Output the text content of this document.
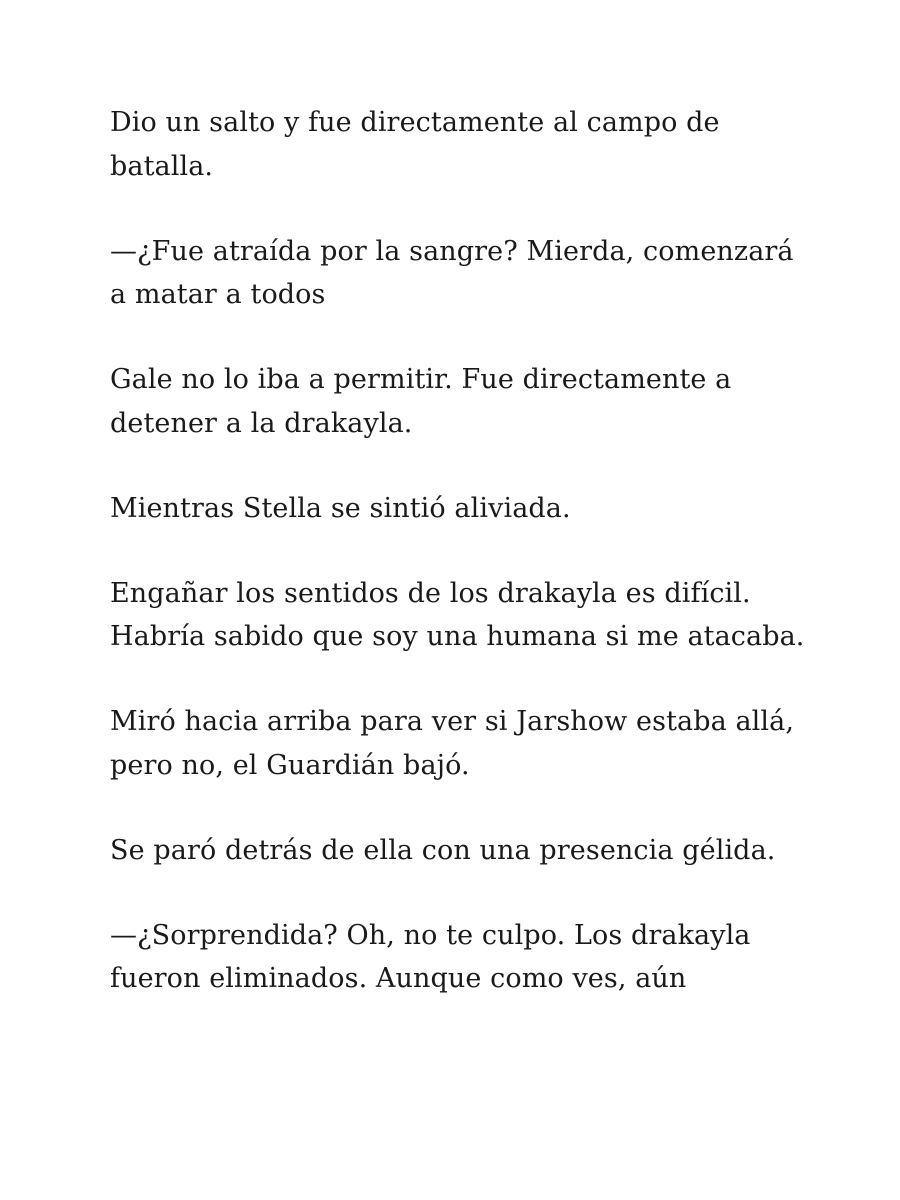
Dio un salto y fue directamente al campo de batalla.

—¿Fue atraída por la sangre? Mierda, comenzará a matar a todos

Gale no lo iba a permitir. Fue directamente a detener a la drakayla.

Mientras Stella se sintió aliviada.

Engañar los sentidos de los drakayla es difícil. Habría sabido que soy una humana si me atacaba.

Miró hacia arriba para ver si Jarshow estaba allá, pero no, el Guardián bajó.

Se paró detrás de ella con una presencia gélida.

—¿Sorprendida? Oh, no te culpo. Los drakayla fueron eliminados. Aunque como ves, aún
